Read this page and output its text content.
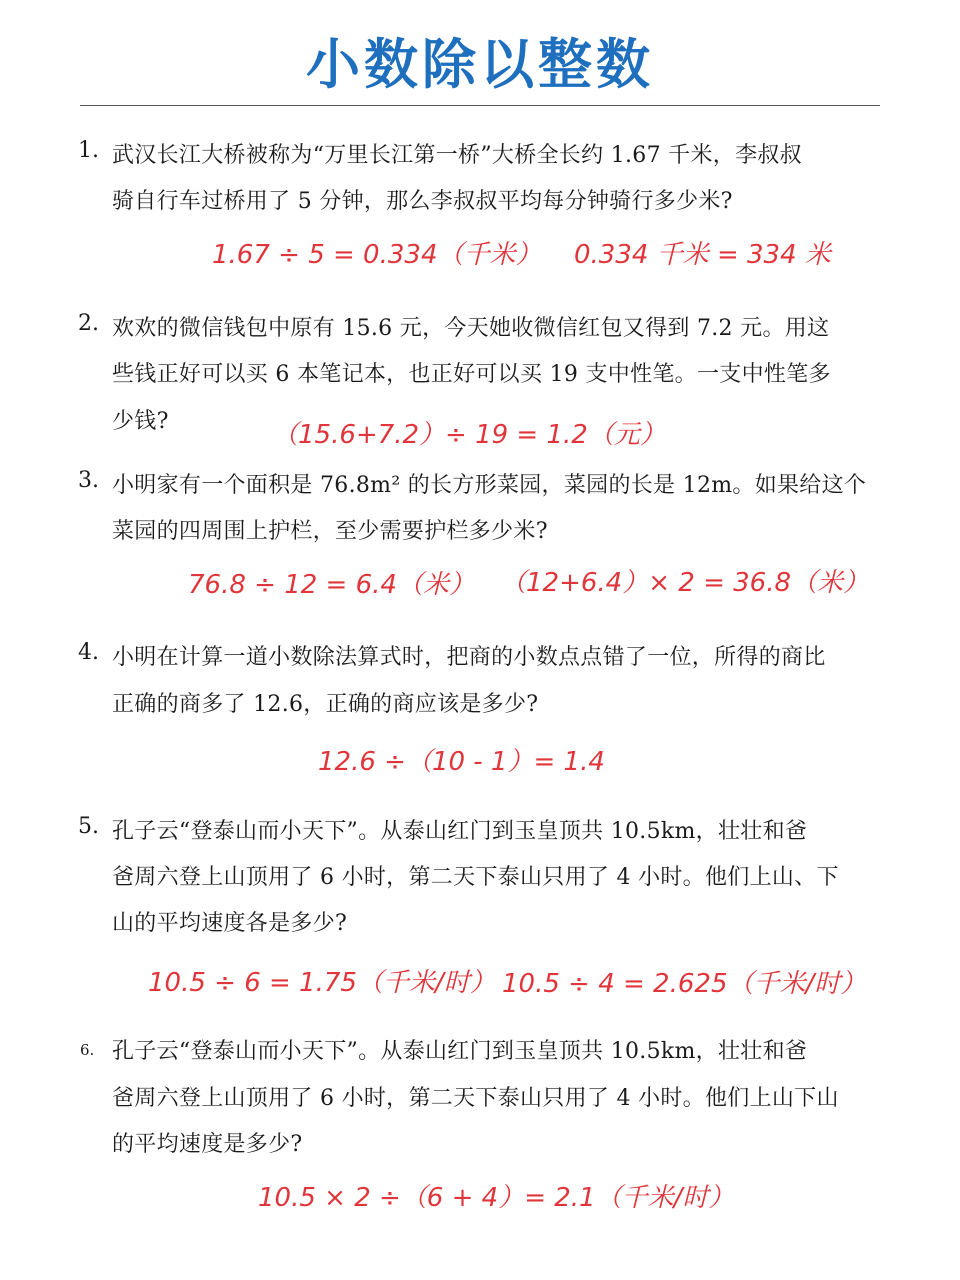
小数除以整数
1. 武汉长江大桥被称为“万里长江第一桥”大桥全长约 1.67 千米，李叔叔
骑自行车过桥用了 5 分钟，那么李叔叔平均每分钟骑行多少米?
1.67 ÷ 5 = 0.334（千米） 0.334 千米 = 334 米
2. 欢欢的微信钱包中原有 15.6 元，今天她收微信红包又得到 7.2 元。用这
些钱正好可以买 6 本笔记本，也正好可以买 19 支中性笔。一支中性笔多
少钱?	（15.6+7.2）÷ 19 = 1.2（元）
3. 小明家有一个面积是 76.8m² 的长方形菜园，菜园的长是 12m。如果给这个
菜园的四周围上护栏，至少需要护栏多少米?
76.8 ÷ 12 = 6.4（米） （12+6.4）× 2 = 36.8（米）
4. 小明在计算一道小数除法算式时，把商的小数点点错了一位，所得的商比
正确的商多了 12.6，正确的商应该是多少?
12.6 ÷（10 - 1）= 1.4
5. 孔子云“登泰山而小天下”。从泰山红门到玉皇顶共 10.5km，壮壮和爸
爸周六登上山顶用了 6 小时，第二天下泰山只用了 4 小时。他们上山、下
山的平均速度各是多少?
10.5 ÷ 6 = 1.75（千米/时） 10.5 ÷ 4 = 2.625（千米/时）
6. 孔子云“登泰山而小天下”。从泰山红门到玉皇顶共 10.5km，壮壮和爸
爸周六登上山顶用了 6 小时，第二天下泰山只用了 4 小时。他们上山下山
的平均速度是多少?
10.5 × 2 ÷（6 + 4）= 2.1（千米/时）
